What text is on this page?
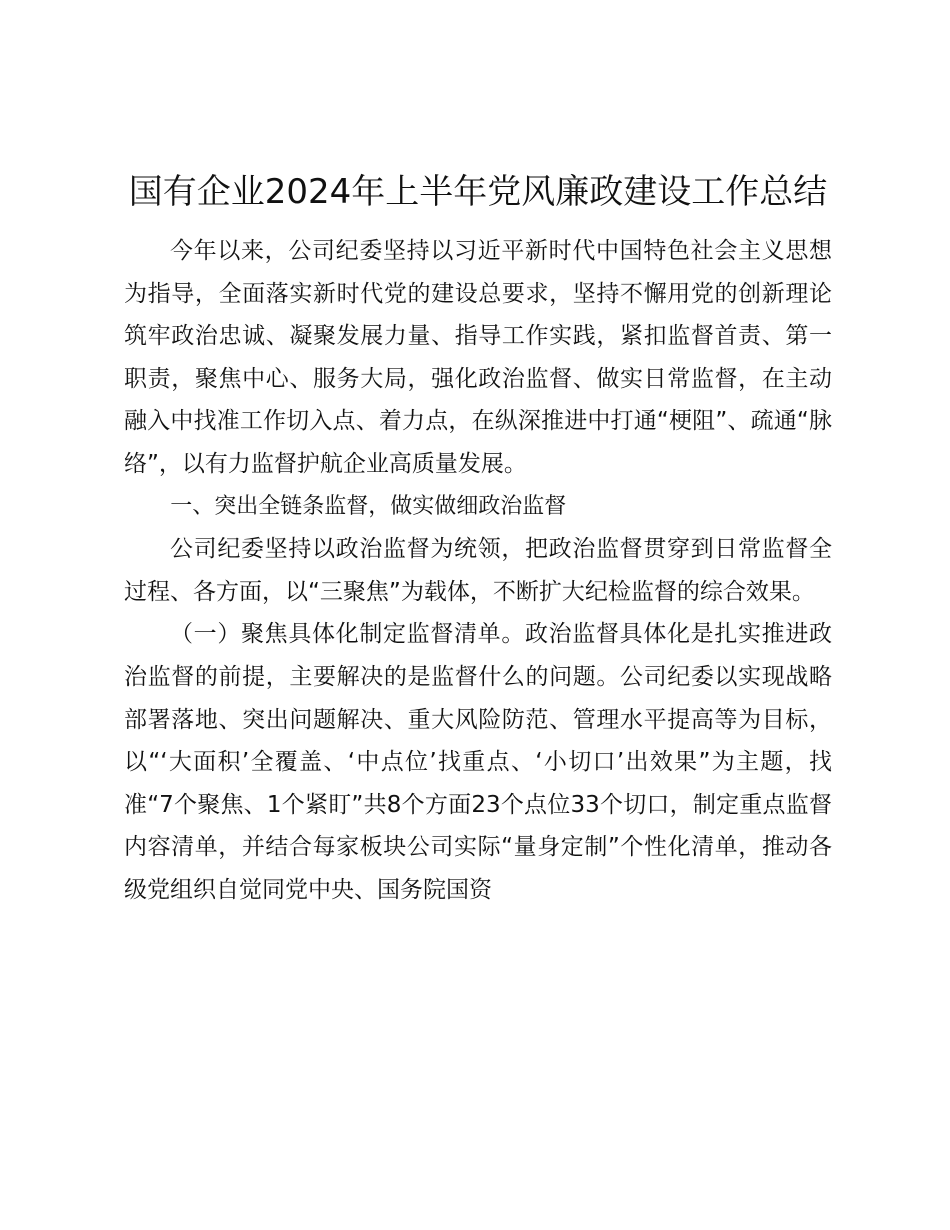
国有企业2024年上半年党风廉政建设工作总结

今年以来，公司纪委坚持以习近平新时代中国特色社会主义思想为指导，全面落实新时代党的建设总要求，坚持不懈用党的创新理论筑牢政治忠诚、凝聚发展力量、指导工作实践，紧扣监督首责、第一职责，聚焦中心、服务大局，强化政治监督、做实日常监督，在主动融入中找准工作切入点、着力点，在纵深推进中打通“梗阻”、疏通“脉络”，以有力监督护航企业高质量发展。

一、突出全链条监督，做实做细政治监督

公司纪委坚持以政治监督为统领，把政治监督贯穿到日常监督全过程、各方面，以“三聚焦”为载体，不断扩大纪检监督的综合效果。

（一）聚焦具体化制定监督清单。政治监督具体化是扎实推进政治监督的前提，主要解决的是监督什么的问题。公司纪委以实现战略部署落地、突出问题解决、重大风险防范、管理水平提高等为目标，以“‘大面积’全覆盖、‘中点位’找重点、‘小切口’出效果”为主题，找准“7个聚焦、1个紧盯”共8个方面23个点位33个切口，制定重点监督内容清单，并结合每家板块公司实际“量身定制”个性化清单，推动各级党组织自觉同党中央、国务院国资
